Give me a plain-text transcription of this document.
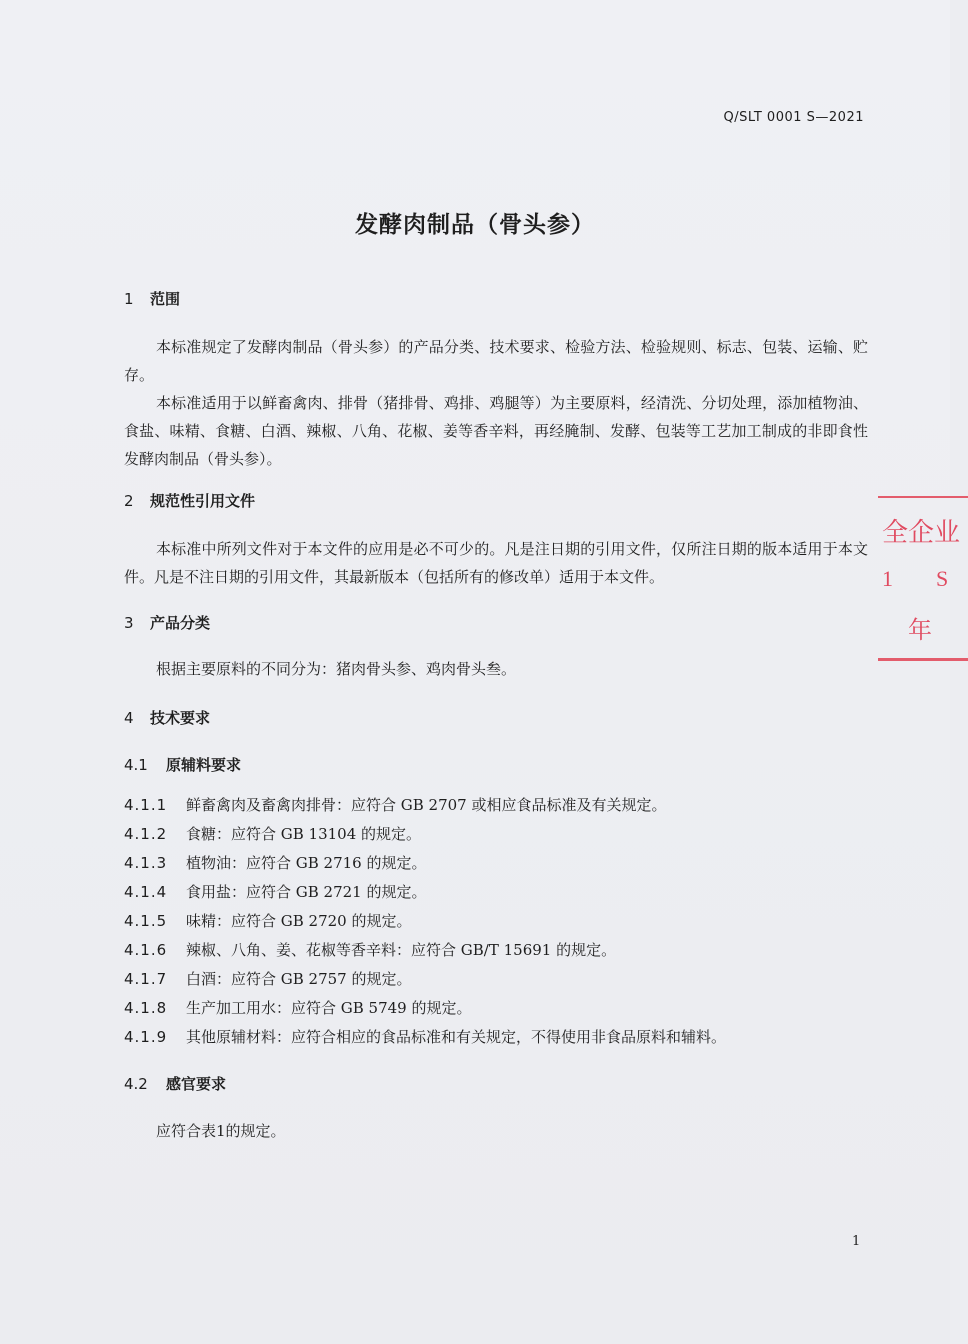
Q/SLT 0001 S—2021
发酵肉制品（骨头参）
1 范围
本标准规定了发酵肉制品（骨头参）的产品分类、技术要求、检验方法、检验规则、标志、包装、运输、贮存。
本标准适用于以鲜畜禽肉、排骨（猪排骨、鸡排、鸡腿等）为主要原料，经清洗、分切处理，添加植物油、食盐、味精、食糖、白酒、辣椒、八角、花椒、姜等香辛料，再经腌制、发酵、包装等工艺加工制成的非即食性发酵肉制品（骨头参）。
2 规范性引用文件
本标准中所列文件对于本文件的应用是必不可少的。凡是注日期的引用文件，仅所注日期的版本适用于本文件。凡是不注日期的引用文件，其最新版本（包括所有的修改单）适用于本文件。
3 产品分类
根据主要原料的不同分为：猪肉骨头参、鸡肉骨头叁。
4 技术要求
4.1 原辅料要求
4.1.1 鲜畜禽肉及畜禽肉排骨：应符合 GB 2707 或相应食品标准及有关规定。
4.1.2 食糖：应符合 GB 13104 的规定。
4.1.3 植物油：应符合 GB 2716 的规定。
4.1.4 食用盐：应符合 GB 2721 的规定。
4.1.5 味精：应符合 GB 2720 的规定。
4.1.6 辣椒、八角、姜、花椒等香辛料：应符合 GB/T 15691 的规定。
4.1.7 白酒：应符合 GB 2757 的规定。
4.1.8 生产加工用水：应符合 GB 5749 的规定。
4.1.9 其他原辅材料：应符合相应的食品标准和有关规定，不得使用非食品原料和辅料。
4.2 感官要求
应符合表1的规定。
1
全企业
1 S
年
